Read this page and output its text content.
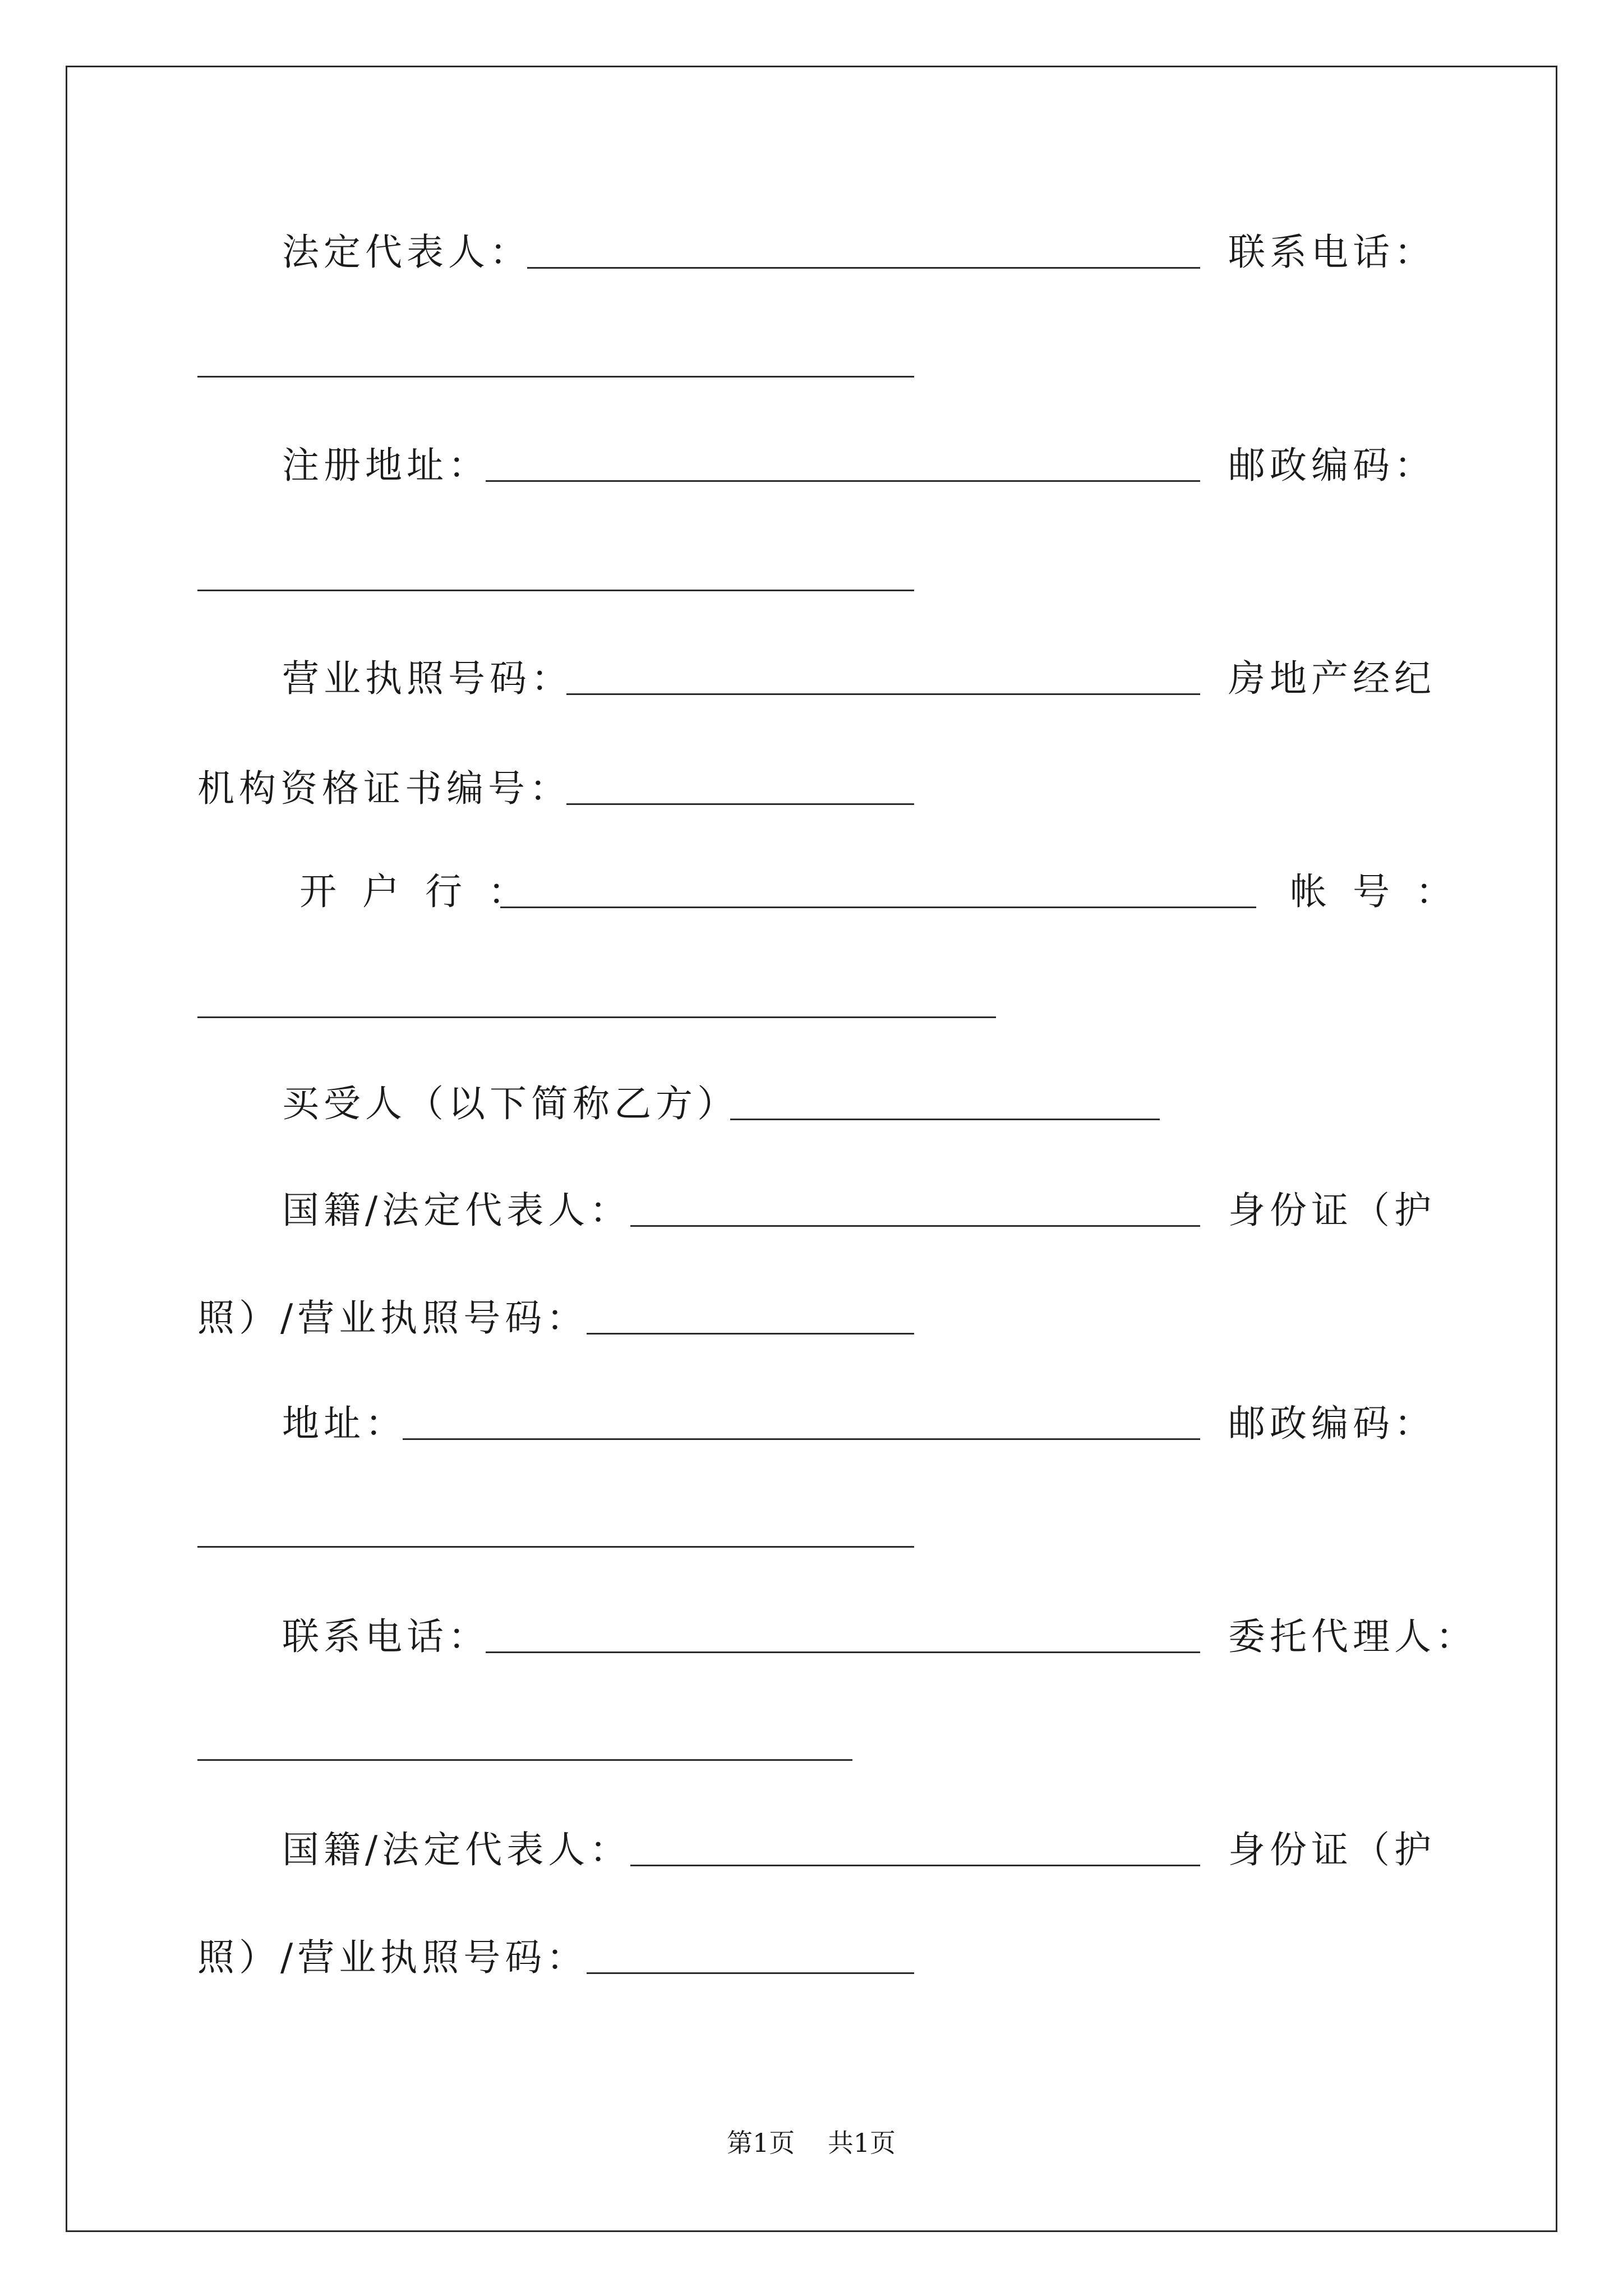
法定代表人：	联系电话：
注册地址：	邮政编码：
营业执照号码：	房地产经纪
机构资格证书编号：
开户行：	帐号：
买受人（以下简称乙方）
国籍/法定代表人：	身份证（护
照）/营业执照号码：
地址：	邮政编码：
联系电话：	委托代理人：
国籍/法定代表人：	身份证（护
照）/营业执照号码：
第1页    共1页
